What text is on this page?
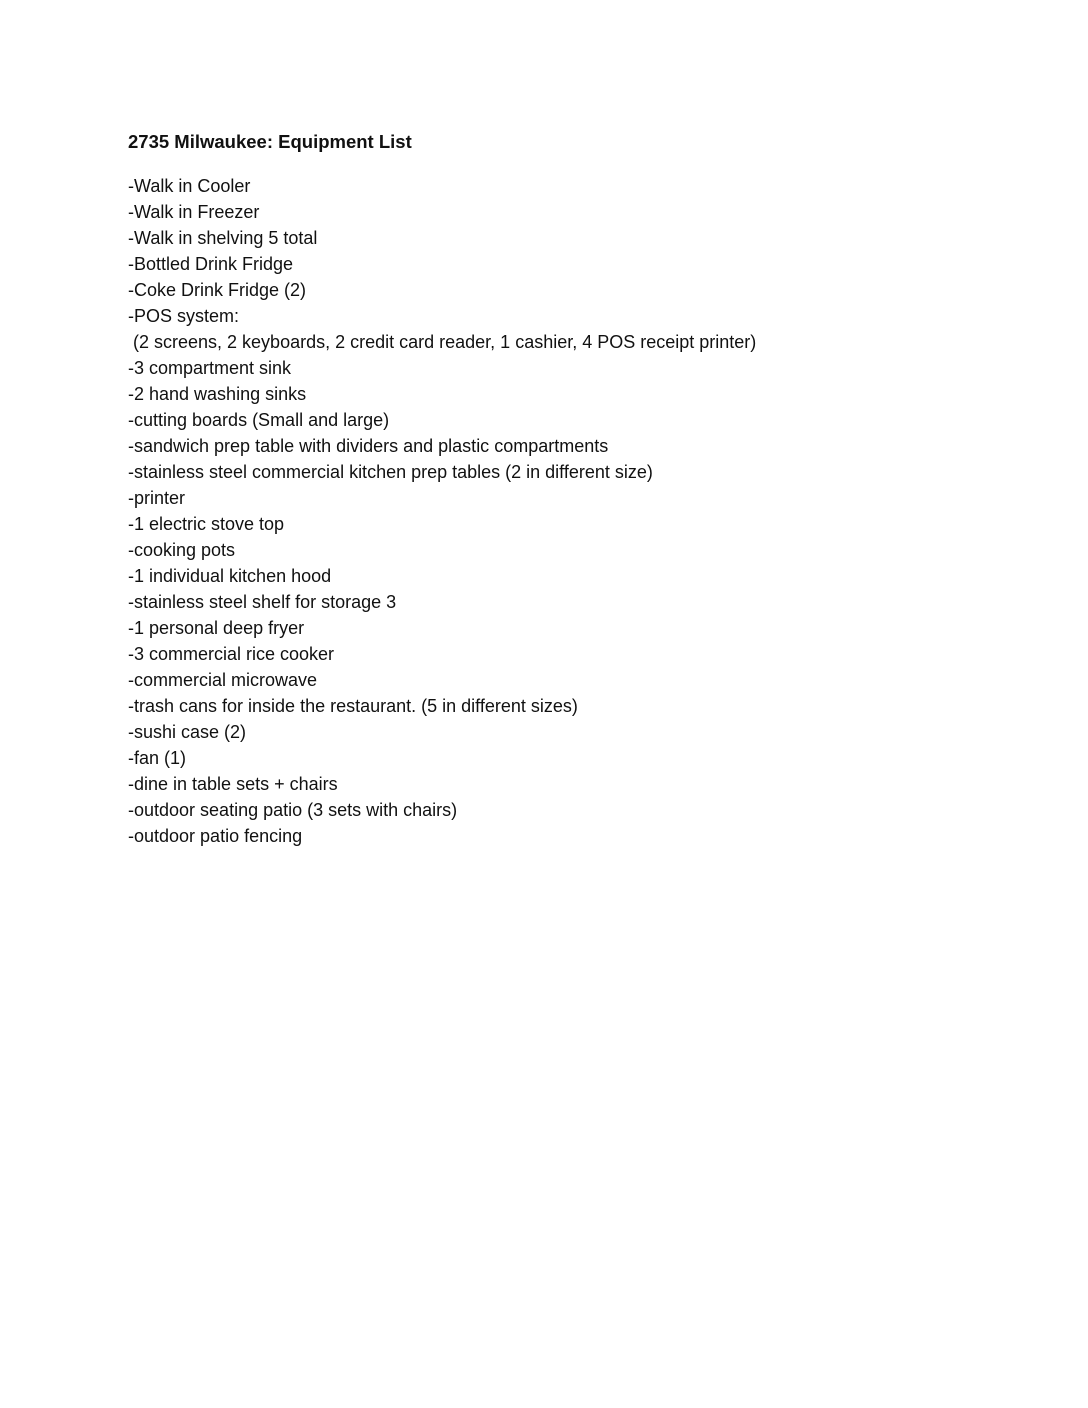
2735 Milwaukee: Equipment List
-Walk in Cooler
-Walk in Freezer
-Walk in shelving 5 total
-Bottled Drink Fridge
-Coke Drink Fridge (2)
-POS system:
(2 screens, 2 keyboards, 2 credit card reader, 1 cashier, 4 POS receipt printer)
-3 compartment sink
-2 hand washing sinks
-cutting boards (Small and large)
-sandwich prep table with dividers and plastic compartments
-stainless steel commercial kitchen prep tables (2 in different size)
-printer
-1 electric stove top
-cooking pots
-1 individual kitchen hood
-stainless steel shelf for storage 3
-1 personal deep fryer
-3 commercial rice cooker
-commercial microwave
-trash cans for inside the restaurant. (5 in different sizes)
-sushi case (2)
-fan (1)
-dine in table sets + chairs
-outdoor seating patio (3 sets with chairs)
-outdoor patio fencing
